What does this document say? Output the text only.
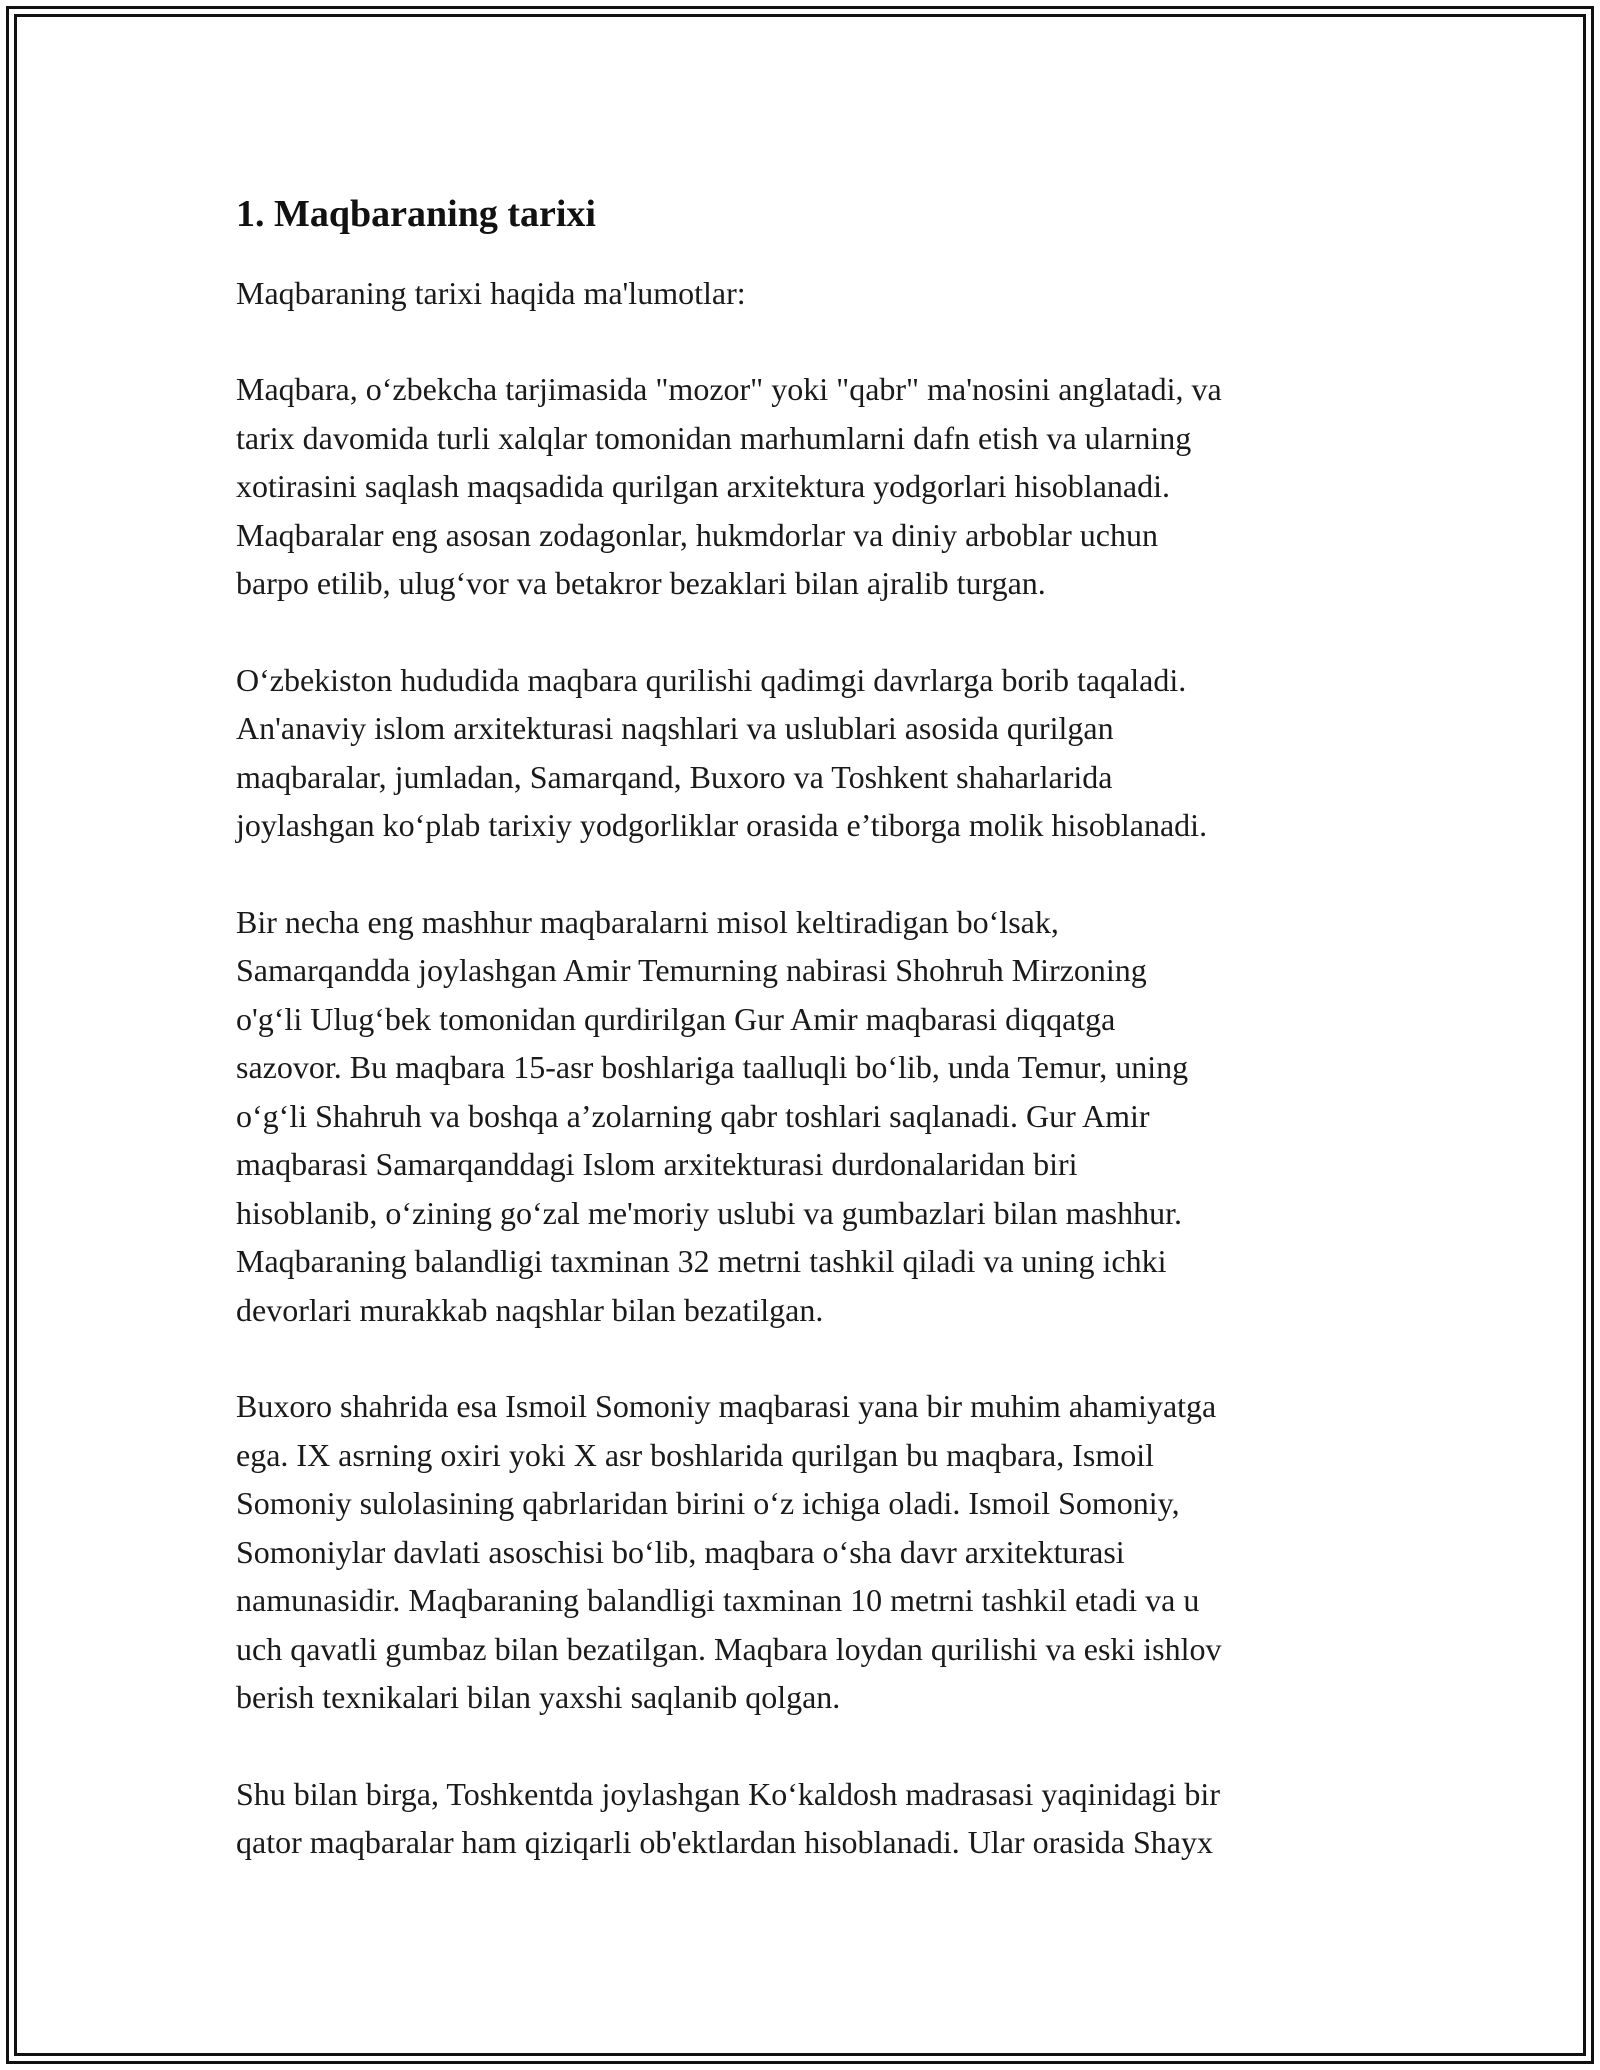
1. Maqbaraning tarixi

Maqbaraning tarixi haqida ma'lumotlar:

Maqbara, oʻzbekcha tarjimasida "mozor" yoki "qabr" ma'nosini anglatadi, va
tarix davomida turli xalqlar tomonidan marhumlarni dafn etish va ularning
xotirasini saqlash maqsadida qurilgan arxitektura yodgorlari hisoblanadi.
Maqbaralar eng asosan zodagonlar, hukmdorlar va diniy arboblar uchun
barpo etilib, ulugʻvor va betakror bezaklari bilan ajralib turgan.

Oʻzbekiston hududida maqbara qurilishi qadimgi davrlarga borib taqaladi.
An'anaviy islom arxitekturasi naqshlari va uslublari asosida qurilgan
maqbaralar, jumladan, Samarqand, Buxoro va Toshkent shaharlarida
joylashgan koʻplab tarixiy yodgorliklar orasida e’tiborga molik hisoblanadi.

Bir necha eng mashhur maqbaralarni misol keltiradigan boʻlsak,
Samarqandda joylashgan Amir Temurning nabirasi Shohruh Mirzoning
o'gʻli Ulugʻbek tomonidan qurdirilgan Gur Amir maqbarasi diqqatga
sazovor. Bu maqbara 15-asr boshlariga taalluqli boʻlib, unda Temur, uning
oʻgʻli Shahruh va boshqa a’zolarning qabr toshlari saqlanadi. Gur Amir
maqbarasi Samarqanddagi Islom arxitekturasi durdonalaridan biri
hisoblanib, oʻzining goʻzal me'moriy uslubi va gumbazlari bilan mashhur.
Maqbaraning balandligi taxminan 32 metrni tashkil qiladi va uning ichki
devorlari murakkab naqshlar bilan bezatilgan.

Buxoro shahrida esa Ismoil Somoniy maqbarasi yana bir muhim ahamiyatga
ega. IX asrning oxiri yoki X asr boshlarida qurilgan bu maqbara, Ismoil
Somoniy sulolasining qabrlaridan birini oʻz ichiga oladi. Ismoil Somoniy,
Somoniylar davlati asoschisi boʻlib, maqbara oʻsha davr arxitekturasi
namunasidir. Maqbaraning balandligi taxminan 10 metrni tashkil etadi va u
uch qavatli gumbaz bilan bezatilgan. Maqbara loydan qurilishi va eski ishlov
berish texnikalari bilan yaxshi saqlanib qolgan.

Shu bilan birga, Toshkentda joylashgan Koʻkaldosh madrasasi yaqinidagi bir
qator maqbaralar ham qiziqarli ob'ektlardan hisoblanadi. Ular orasida Shayx
